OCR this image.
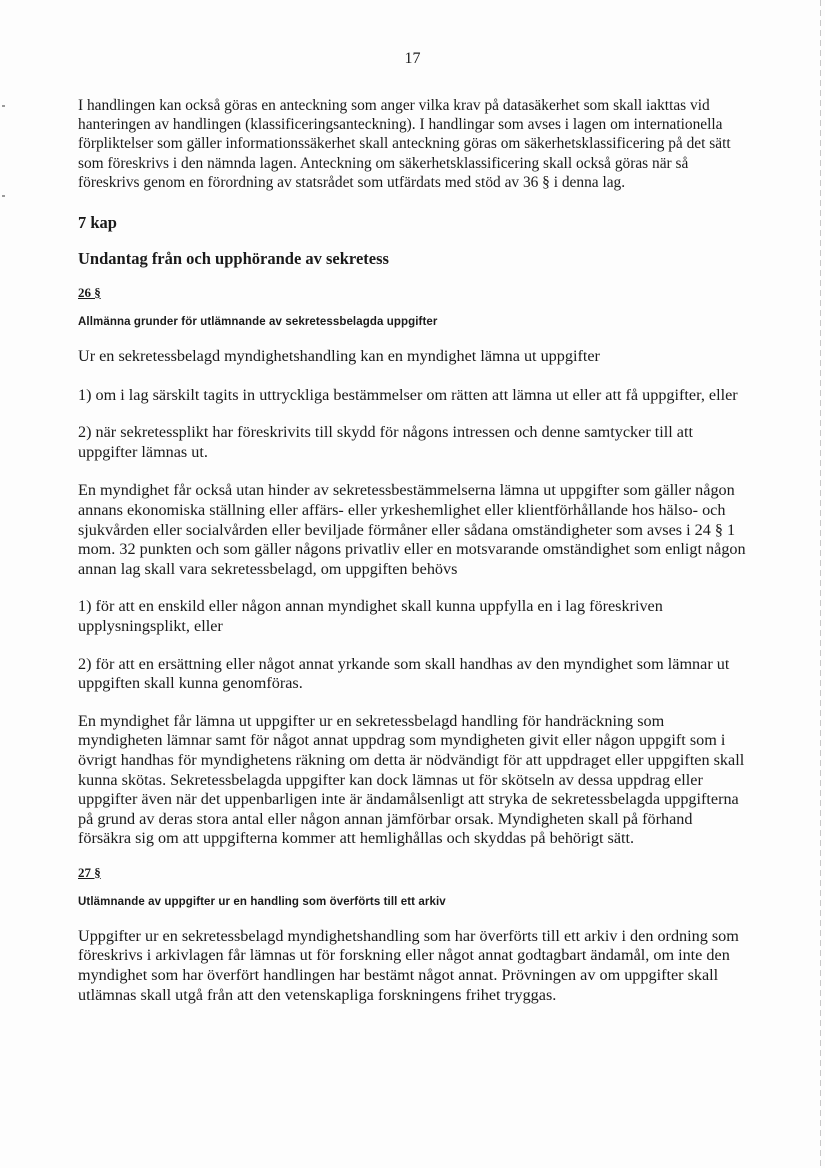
17

I handlingen kan också göras en anteckning som anger vilka krav på datasäkerhet som skall iakttas vid hanteringen av handlingen (klassificeringsanteckning). I handlingar som avses i lagen om internationella förpliktelser som gäller informationssäkerhet skall anteckning göras om säkerhetsklassificering på det sätt som föreskrivs i den nämnda lagen. Anteckning om säkerhetsklassificering skall också göras när så föreskrivs genom en förordning av statsrådet som utfärdats med stöd av 36 § i denna lag.

7 kap

Undantag från och upphörande av sekretess

26 §

Allmänna grunder för utlämnande av sekretessbelagda uppgifter

Ur en sekretessbelagd myndighetshandling kan en myndighet lämna ut uppgifter

1) om i lag särskilt tagits in uttryckliga bestämmelser om rätten att lämna ut eller att få uppgifter, eller

2) när sekretessplikt har föreskrivits till skydd för någons intressen och denne samtycker till att uppgifter lämnas ut.

En myndighet får också utan hinder av sekretessbestämmelserna lämna ut uppgifter som gäller någon annans ekonomiska ställning eller affärs- eller yrkeshemlighet eller klientförhållande hos hälso- och sjukvården eller socialvården eller beviljade förmåner eller sådana omständigheter som avses i 24 § 1 mom. 32 punkten och som gäller någons privatliv eller en motsvarande omständighet som enligt någon annan lag skall vara sekretessbelagd, om uppgiften behövs

1) för att en enskild eller någon annan myndighet skall kunna uppfylla en i lag föreskriven upplysningsplikt, eller

2) för att en ersättning eller något annat yrkande som skall handhas av den myndighet som lämnar ut uppgiften skall kunna genomföras.

En myndighet får lämna ut uppgifter ur en sekretessbelagd handling för handräckning som myndigheten lämnar samt för något annat uppdrag som myndigheten givit eller någon uppgift som i övrigt handhas för myndighetens räkning om detta är nödvändigt för att uppdraget eller uppgiften skall kunna skötas. Sekretessbelagda uppgifter kan dock lämnas ut för skötseln av dessa uppdrag eller uppgifter även när det uppenbarligen inte är ändamålsenligt att stryka de sekretessbelagda uppgifterna på grund av deras stora antal eller någon annan jämförbar orsak. Myndigheten skall på förhand försäkra sig om att uppgifterna kommer att hemlighållas och skyddas på behörigt sätt.

27 §

Utlämnande av uppgifter ur en handling som överförts till ett arkiv

Uppgifter ur en sekretessbelagd myndighetshandling som har överförts till ett arkiv i den ordning som föreskrivs i arkivlagen får lämnas ut för forskning eller något annat godtagbart ändamål, om inte den myndighet som har överfört handlingen har bestämt något annat. Prövningen av om uppgifter skall utlämnas skall utgå från att den vetenskapliga forskningens frihet tryggas.
